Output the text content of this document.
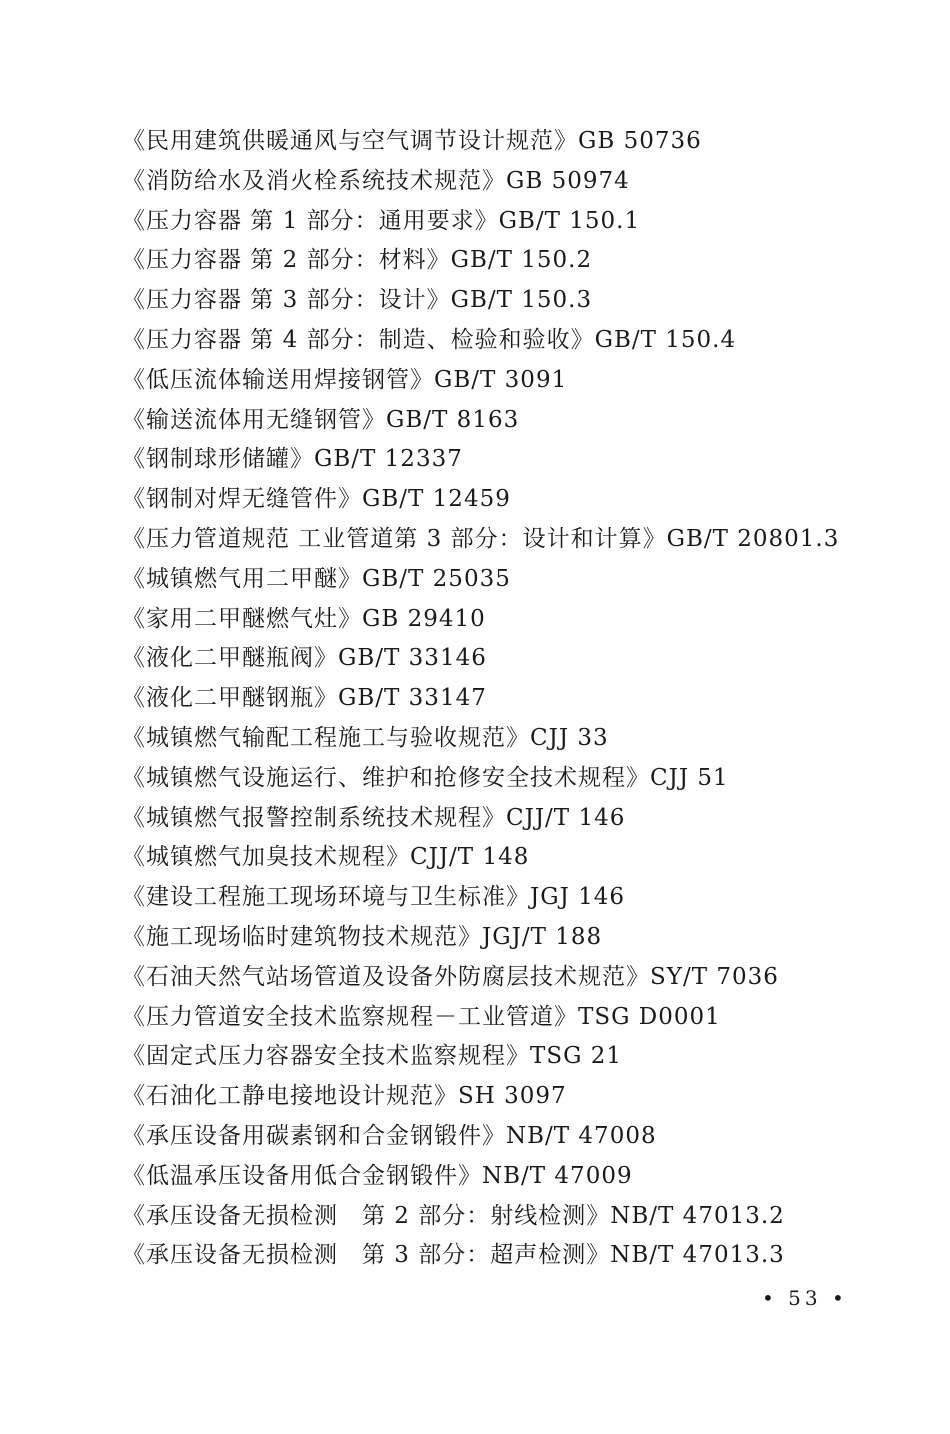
《民用建筑供暖通风与空气调节设计规范》GB 50736
《消防给水及消火栓系统技术规范》GB 50974
《压力容器 第 1 部分：通用要求》GB/T 150.1
《压力容器 第 2 部分：材料》GB/T 150.2
《压力容器 第 3 部分：设计》GB/T 150.3
《压力容器 第 4 部分：制造、检验和验收》GB/T 150.4
《低压流体输送用焊接钢管》GB/T 3091
《输送流体用无缝钢管》GB/T 8163
《钢制球形储罐》GB/T 12337
《钢制对焊无缝管件》GB/T 12459
《压力管道规范 工业管道第 3 部分：设计和计算》GB/T 20801.3
《城镇燃气用二甲醚》GB/T 25035
《家用二甲醚燃气灶》GB 29410
《液化二甲醚瓶阀》GB/T 33146
《液化二甲醚钢瓶》GB/T 33147
《城镇燃气输配工程施工与验收规范》CJJ 33
《城镇燃气设施运行、维护和抢修安全技术规程》CJJ 51
《城镇燃气报警控制系统技术规程》CJJ/T 146
《城镇燃气加臭技术规程》CJJ/T 148
《建设工程施工现场环境与卫生标准》JGJ 146
《施工现场临时建筑物技术规范》JGJ/T 188
《石油天然气站场管道及设备外防腐层技术规范》SY/T 7036
《压力管道安全技术监察规程－工业管道》TSG D0001
《固定式压力容器安全技术监察规程》TSG 21
《石油化工静电接地设计规范》SH 3097
《承压设备用碳素钢和合金钢锻件》NB/T 47008
《低温承压设备用低合金钢锻件》NB/T 47009
《承压设备无损检测　第 2 部分：射线检测》NB/T 47013.2
《承压设备无损检测　第 3 部分：超声检测》NB/T 47013.3
• 53 •
